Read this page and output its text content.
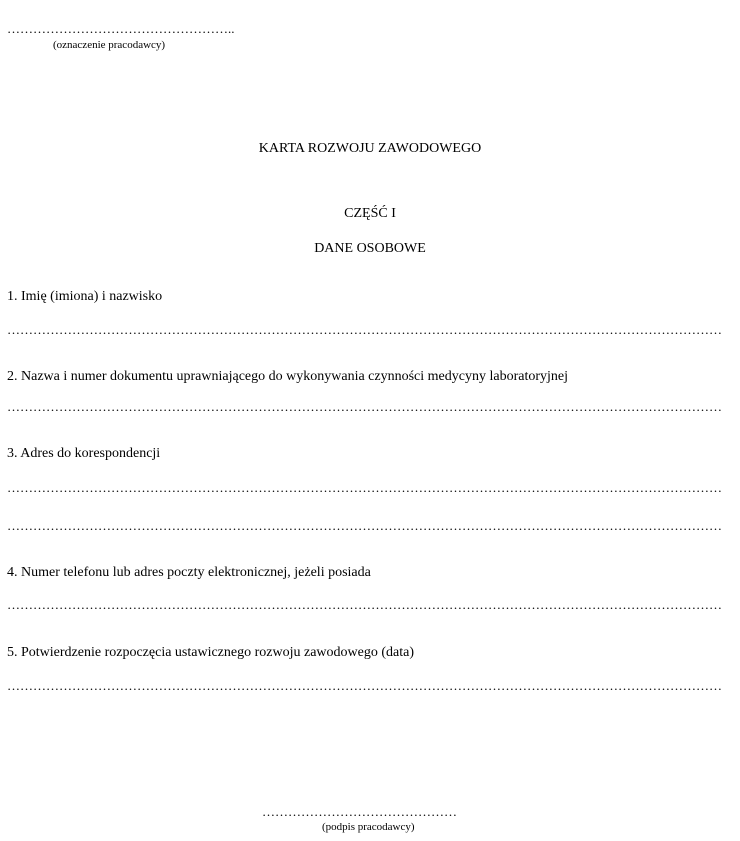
……………………………………………..
(oznaczenie pracodawcy)
KARTA ROZWOJU ZAWODOWEGO
CZĘŚĆ I
DANE OSOBOWE
1. Imię (imiona) i nazwisko
…………………………………………………………………………………………………………………………………………………
2. Nazwa i numer dokumentu uprawniającego do wykonywania czynności medycyny laboratoryjnej
…………………………………………………………………………………………………………………………………………………
3. Adres do korespondencji
…………………………………………………………………………………………………………………………………………………
…………………………………………………………………………………………………………………………………………………
4. Numer telefonu lub adres poczty elektronicznej, jeżeli posiada
…………………………………………………………………………………………………………………………………………………
5. Potwierdzenie rozpoczęcia ustawicznego rozwoju zawodowego (data)
…………………………………………………………………………………………………………………………………………………
………………………………………
(podpis pracodawcy)
